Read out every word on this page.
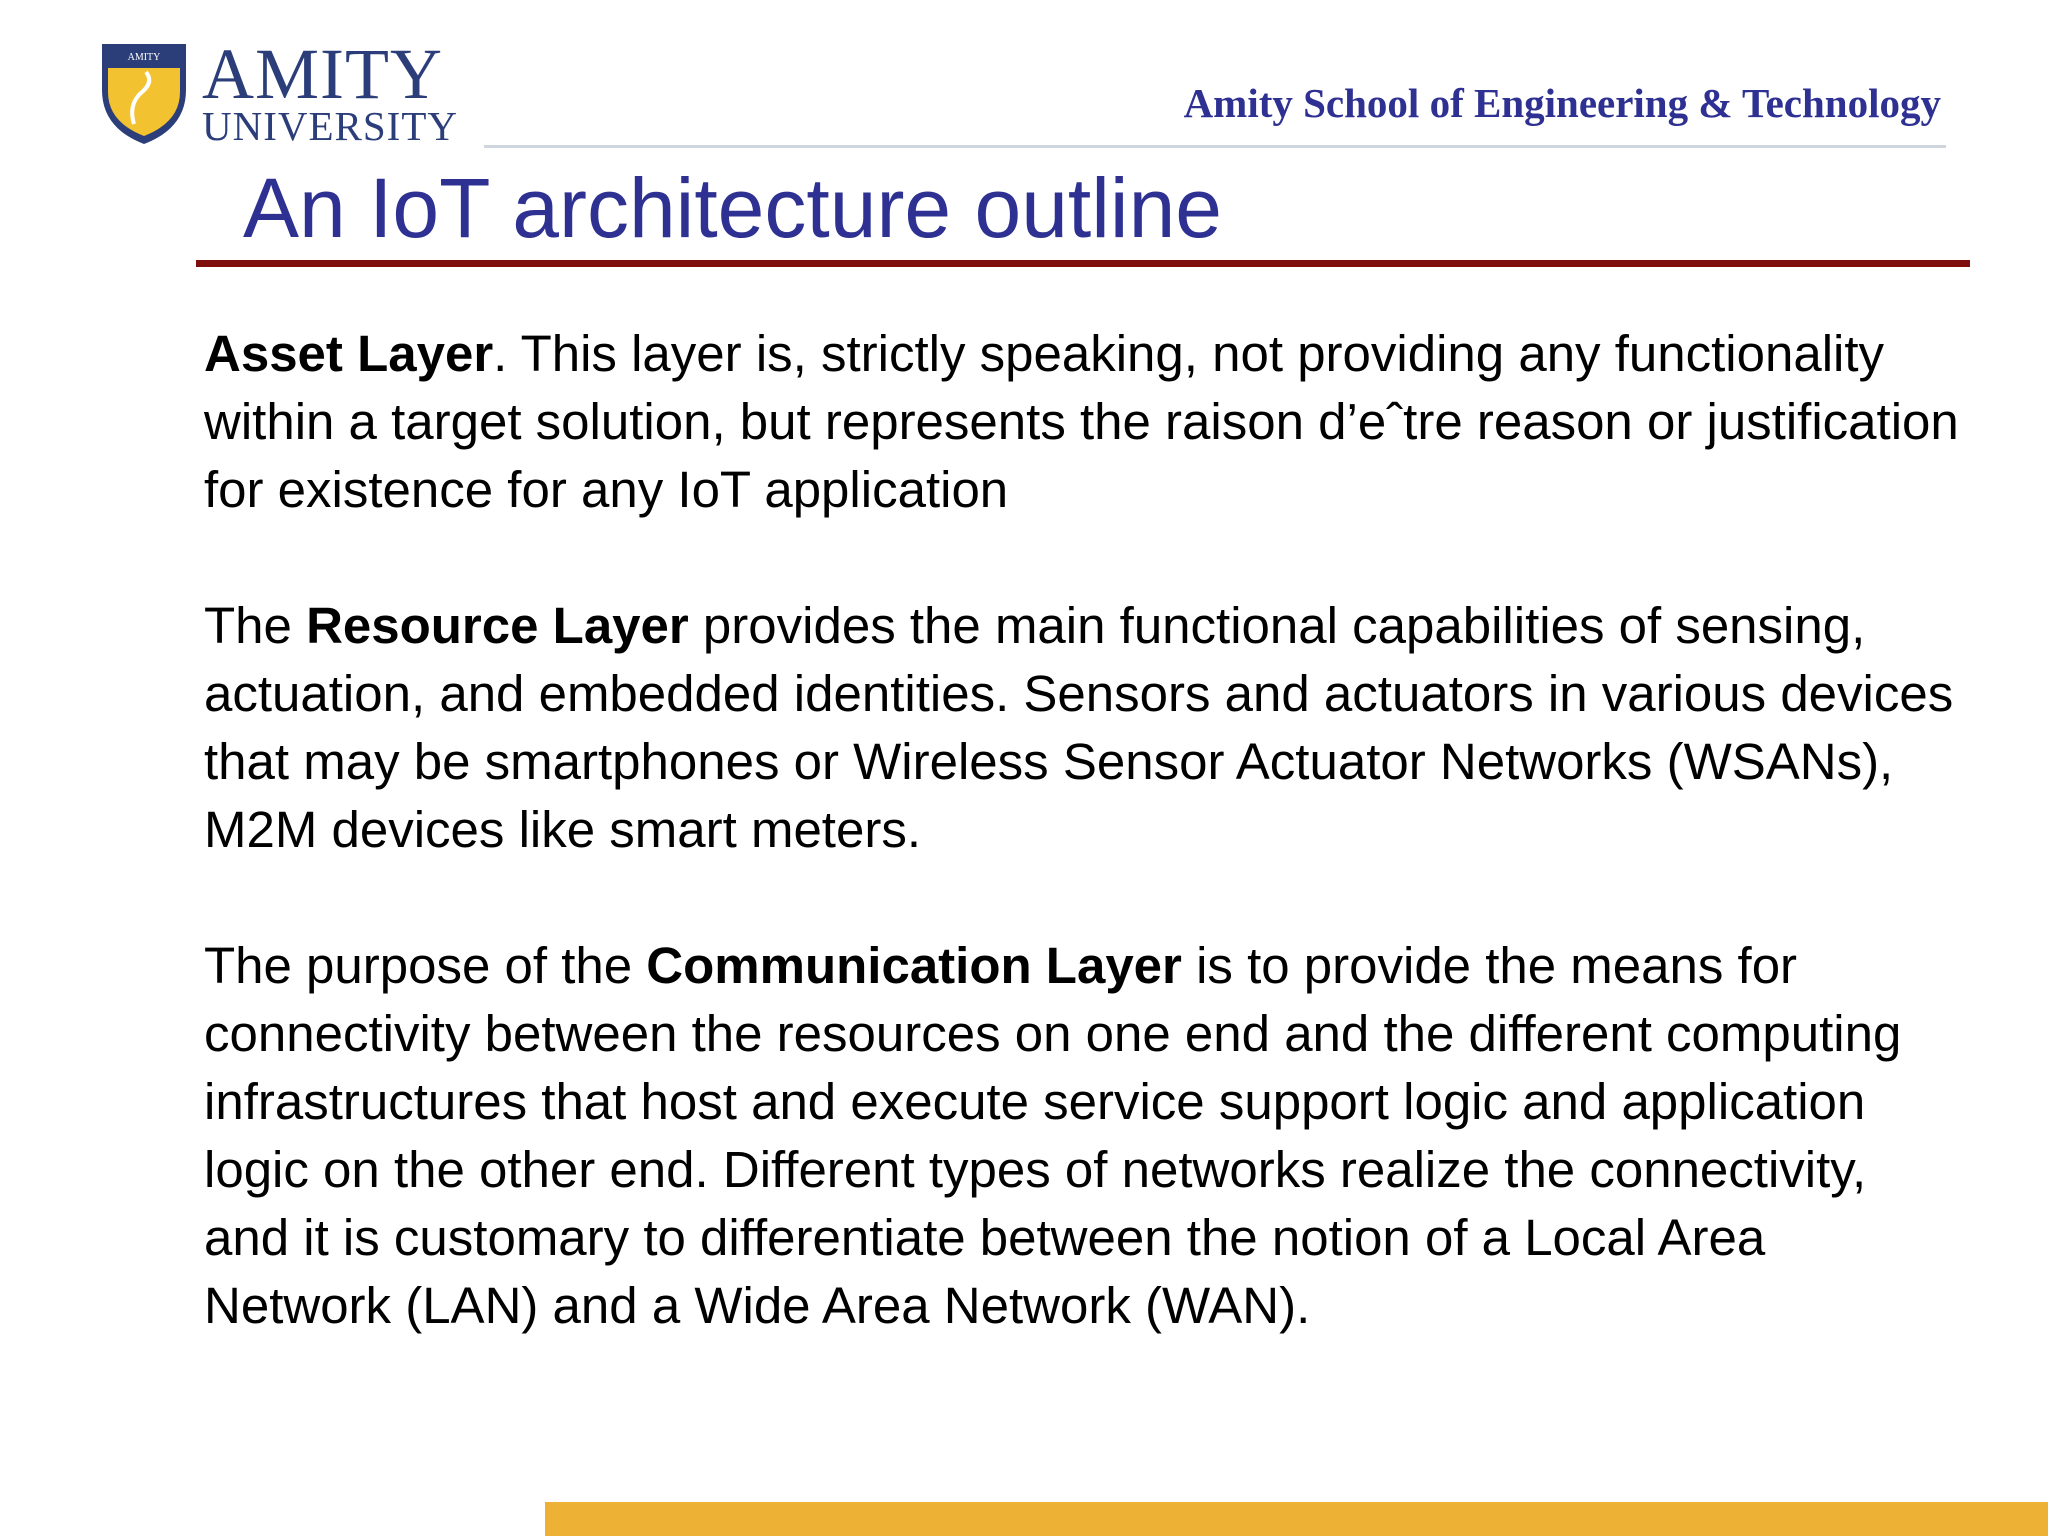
AMITY AMITY

UNIVERSITY	Amity School of Engineering & Technology

An IoT architecture outline

Asset Layer. This layer is, strictly speaking, not providing any functionality within a target solution, but represents the raison d’eˆtre reason or justification for existence for any IoT application

The Resource Layer provides the main functional capabilities of sensing, actuation, and embedded identities. Sensors and actuators in various devices that may be smartphones or Wireless Sensor Actuator Networks (WSANs), M2M devices like smart meters.

The purpose of the Communication Layer is to provide the means for connectivity between the resources on one end and the different computing infrastructures that host and execute service support logic and application logic on the other end. Different types of networks realize the connectivity, and it is customary to differentiate between the notion of a Local Area Network (LAN) and a Wide Area Network (WAN).
